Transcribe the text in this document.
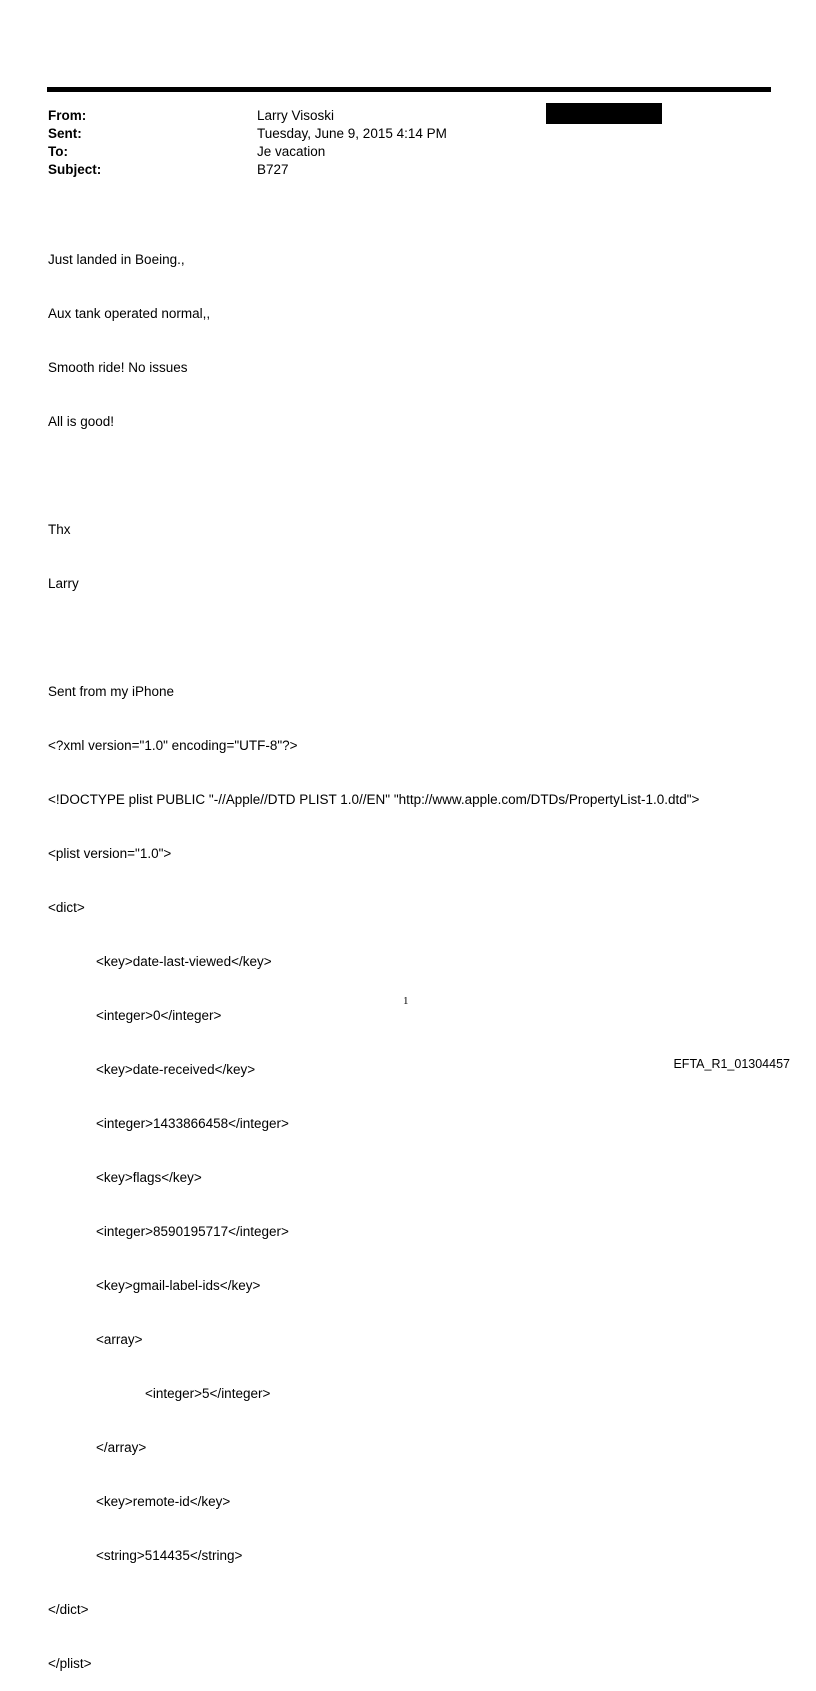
From:	Larry Visoski
Sent:	Tuesday, June 9, 2015 4:14 PM
To:	Je vacation
Subject:	B727

Just landed in Boeing.,

Aux tank operated normal,,

Smooth ride! No issues

All is good!

Thx

Larry

Sent from my iPhone

<?xml version="1.0" encoding="UTF-8"?>

<!DOCTYPE plist PUBLIC "-//Apple//DTD PLIST 1.0//EN" "http://www.apple.com/DTDs/PropertyList-1.0.dtd">

<plist version="1.0">

<dict>

<key>date-last-viewed</key>

<integer>0</integer>

<key>date-received</key>

<integer>1433866458</integer>

<key>flags</key>

<integer>8590195717</integer>

<key>gmail-label-ids</key>

<array>

<integer>5</integer>

</array>

<key>remote-id</key>

<string>514435</string>

</dict>

</plist>

1
EFTA_R1_01304457
